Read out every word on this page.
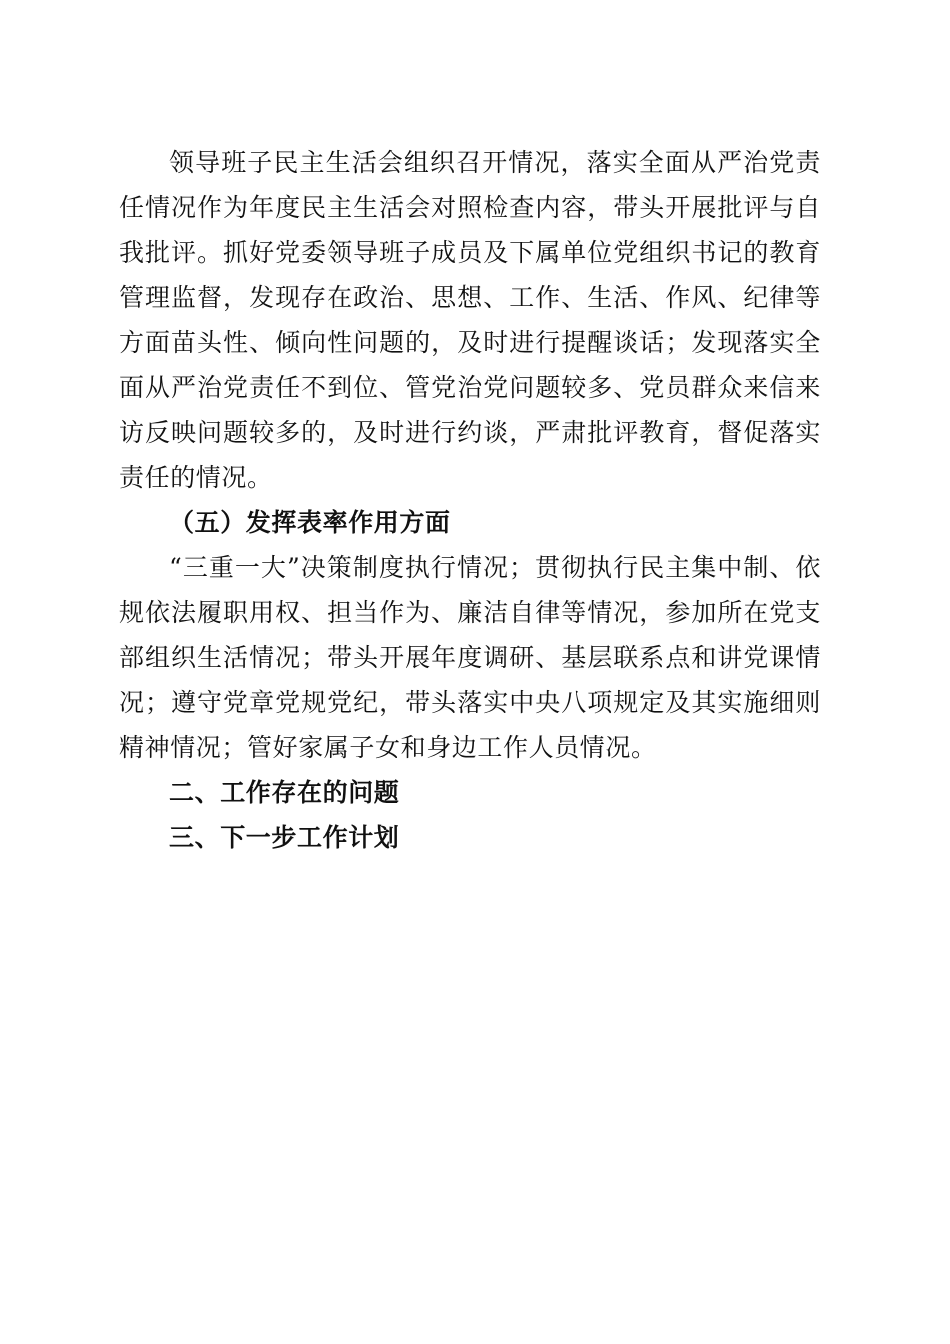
领导班子民主生活会组织召开情况，落实全面从严治党责任情况作为年度民主生活会对照检查内容，带头开展批评与自我批评。抓好党委领导班子成员及下属单位党组织书记的教育管理监督，发现存在政治、思想、工作、生活、作风、纪律等方面苗头性、倾向性问题的，及时进行提醒谈话；发现落实全面从严治党责任不到位、管党治党问题较多、党员群众来信来访反映问题较多的，及时进行约谈，严肃批评教育，督促落实责任的情况。

（五）发挥表率作用方面

“三重一大”决策制度执行情况；贯彻执行民主集中制、依规依法履职用权、担当作为、廉洁自律等情况，参加所在党支部组织生活情况；带头开展年度调研、基层联系点和讲党课情况；遵守党章党规党纪，带头落实中央八项规定及其实施细则精神情况；管好家属子女和身边工作人员情况。

二、工作存在的问题

三、下一步工作计划
